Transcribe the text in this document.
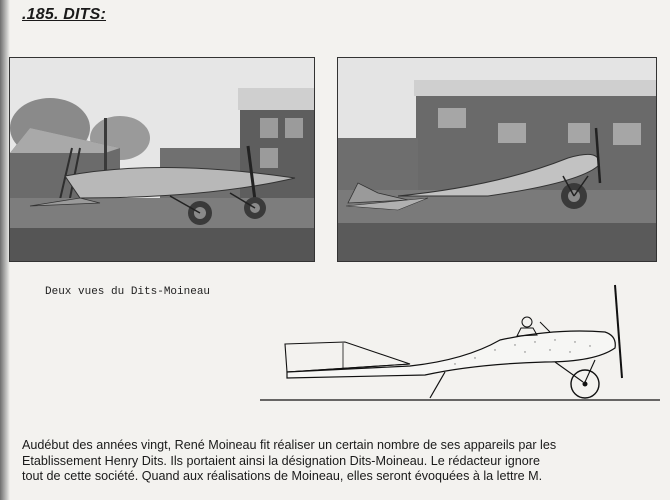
.185. DITS:
Deux vues du Dits-Moineau
Audébut des années vingt, René Moineau fit réaliser un certain nombre de ses appareils par les
Etablissement Henry Dits. Ils portaient ainsi la désignation Dits-Moineau. Le rédacteur ignore
tout de cette société. Quand aux réalisations de Moineau, elles seront évoquées à la lettre M.
